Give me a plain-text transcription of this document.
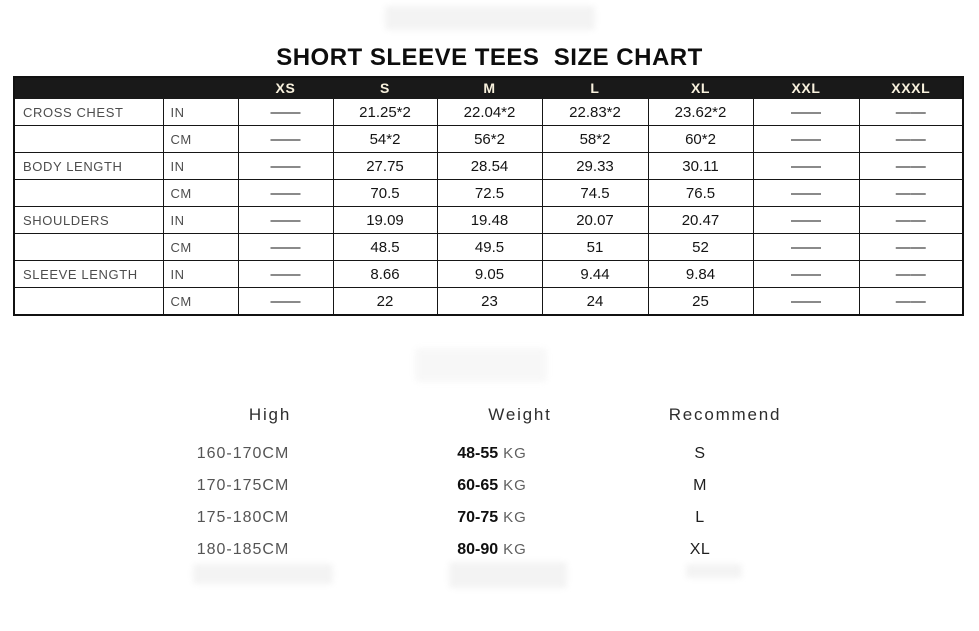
SHORT SLEEVE TEES  SIZE CHART
		XS	S	M	L	XL	XXL	XXXL
CROSS CHEST	IN	——	21.25*2	22.04*2	22.83*2	23.62*2	——	——
	CM	——	54*2	56*2	58*2	60*2	——	——
BODY LENGTH	IN	——	27.75	28.54	29.33	30.11	——	——
	CM	——	70.5	72.5	74.5	76.5	——	——
SHOULDERS	IN	——	19.09	19.48	20.07	20.47	——	——
	CM	——	48.5	49.5	51	52	——	——
SLEEVE LENGTH	IN	——	8.66	9.05	9.44	9.84	——	——
	CM	——	22	23	24	25	——	——
High	Weight	Recommend
160-170CM	48-55 KG	S
170-175CM	60-65 KG	M
175-180CM	70-75 KG	L
180-185CM	80-90 KG	XL
